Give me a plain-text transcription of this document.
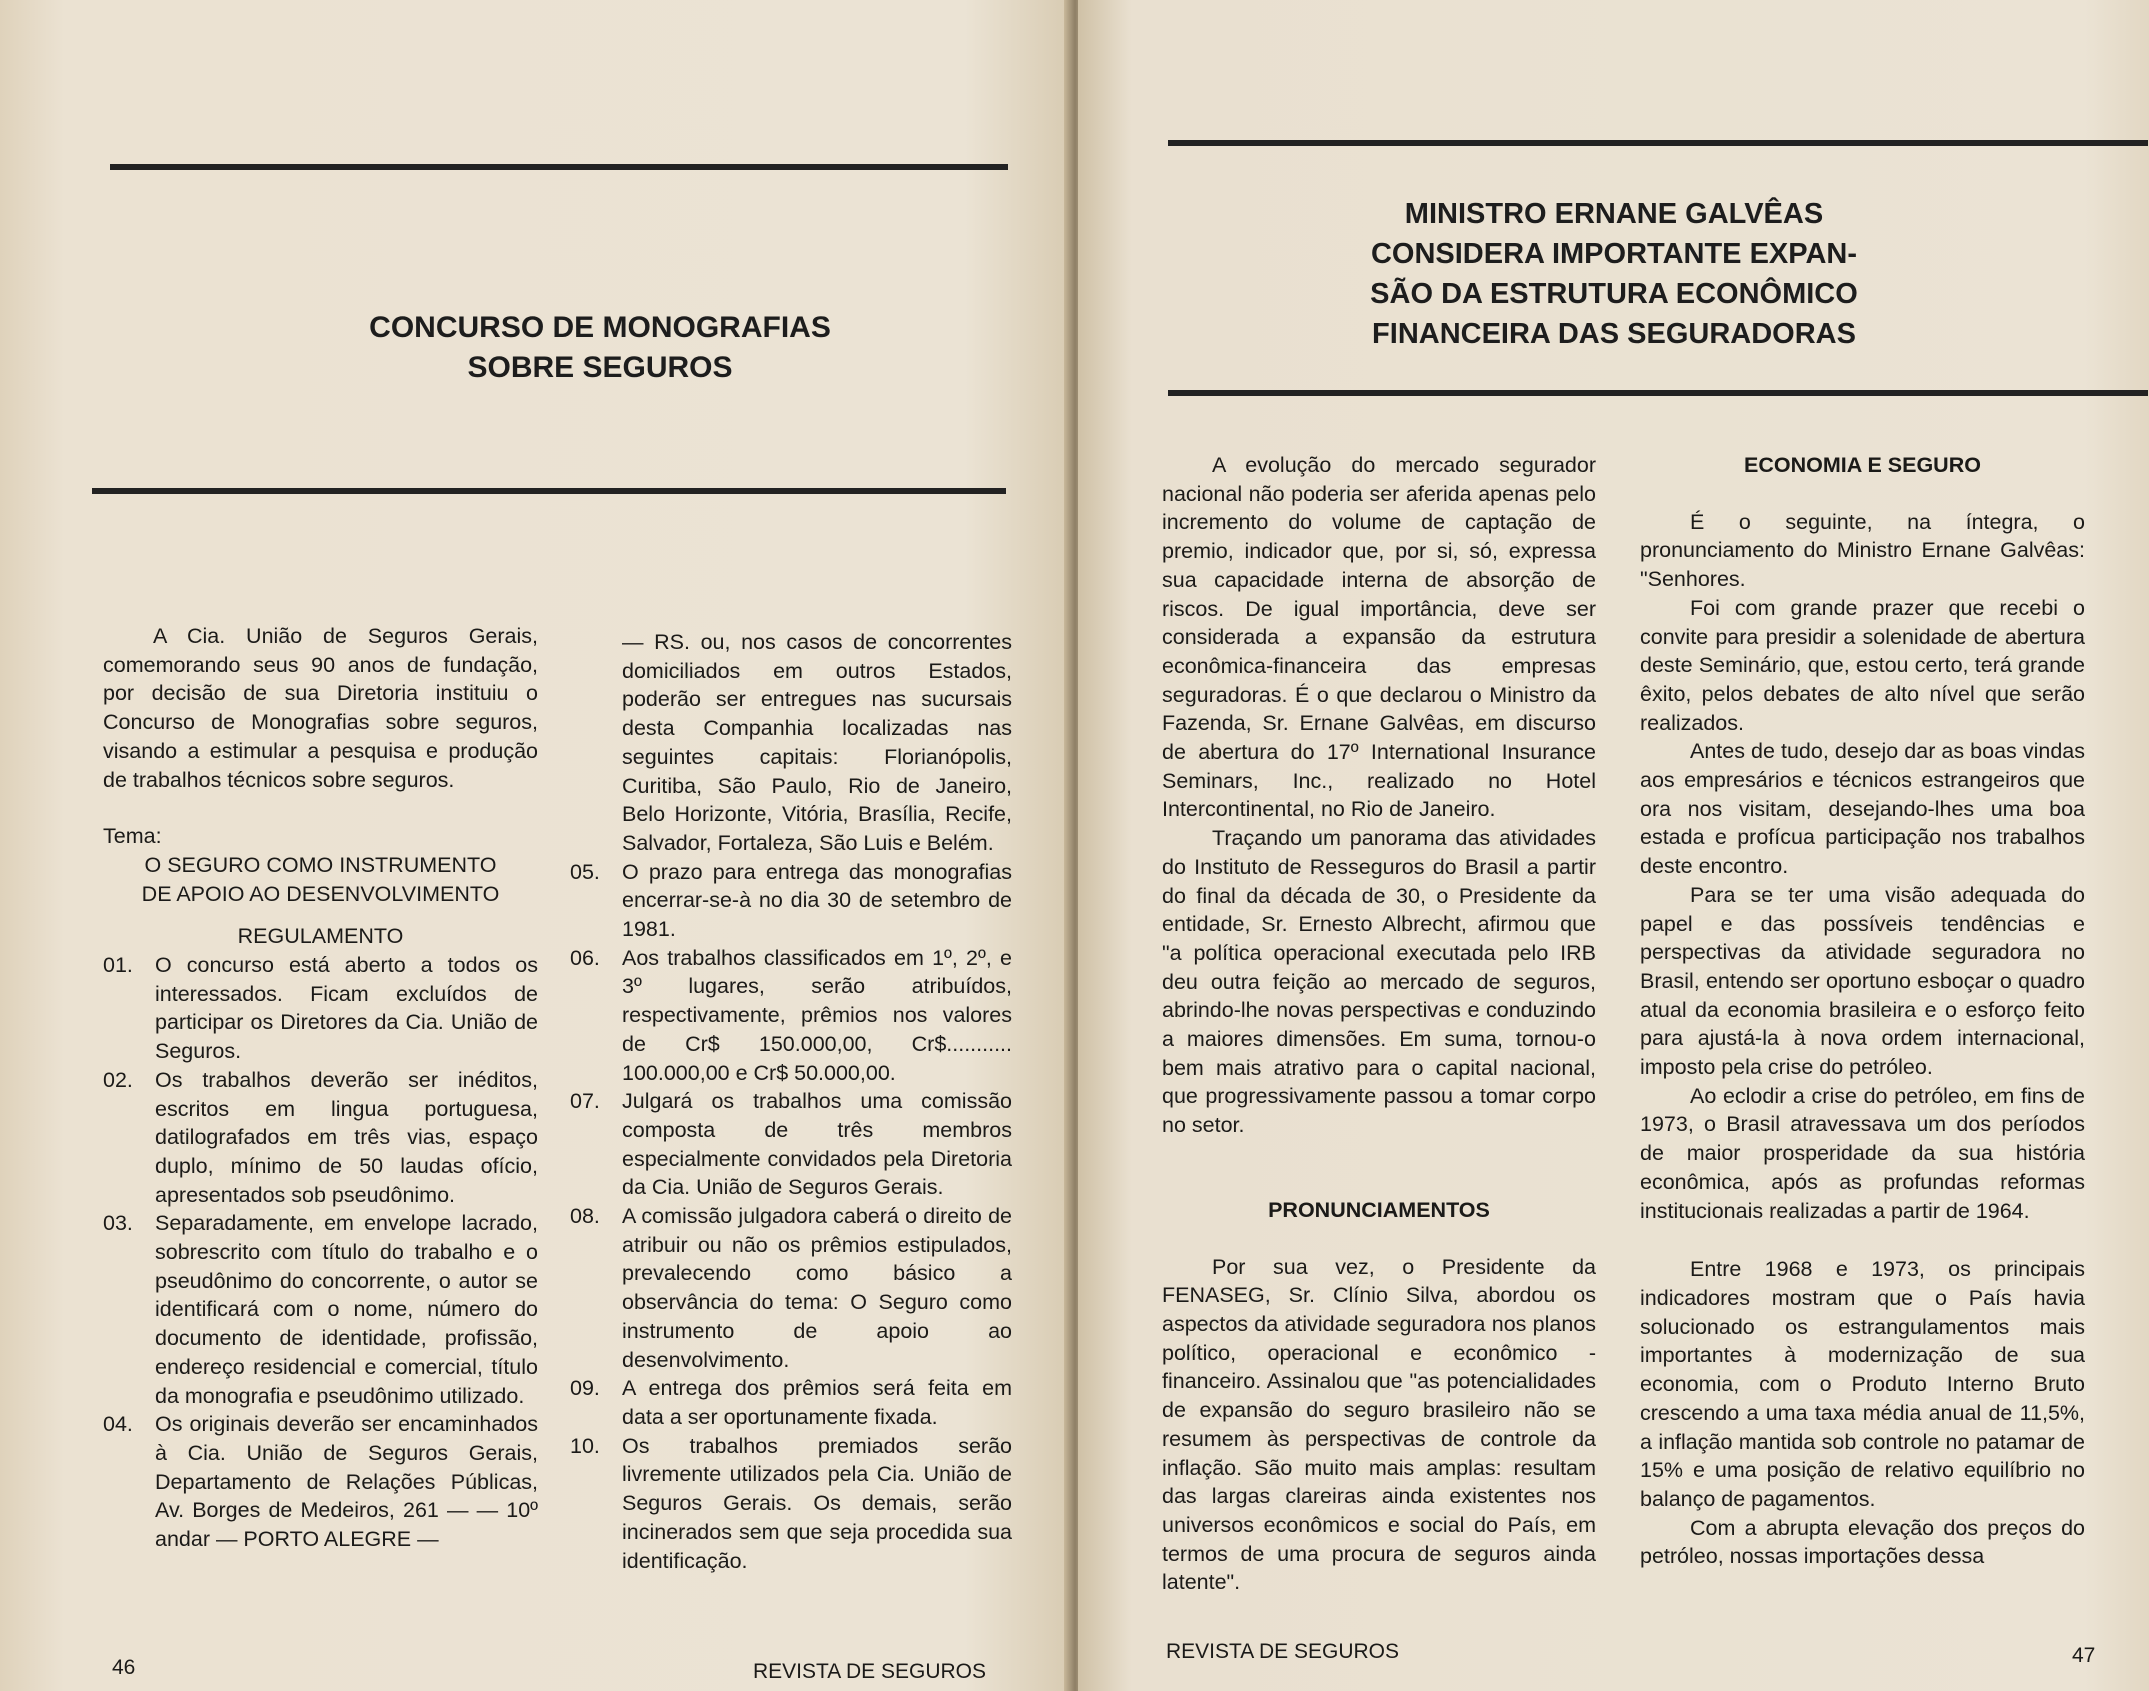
CONCURSO DE MONOGRAFIAS
SOBRE SEGUROS

A Cia. União de Seguros Gerais, comemorando seus 90 anos de fundação, por decisão de sua Diretoria instituiu o Concurso de Monografias sobre seguros, visando a estimular a pesquisa e produção de trabalhos técnicos sobre seguros.

Tema:

O SEGURO COMO INSTRUMENTO

DE APOIO AO DESENVOLVIMENTO

REGULAMENTO

01.	O concurso está aberto a todos os interessados. Ficam excluídos de participar os Diretores da Cia. União de Seguros.
02.	Os trabalhos deverão ser inéditos, escritos em lingua portuguesa, datilografados em três vias, espaço duplo, mínimo de 50 laudas ofício, apresentados sob pseudônimo.
03.	Separadamente, em envelope lacrado, sobrescrito com título do trabalho e o pseudônimo do concorrente, o autor se identificará com o nome, número do documento de identidade, profissão, endereço residencial e comercial, título da monografia e pseudônimo utilizado.
04.	Os originais deverão ser encaminhados à Cia. União de Seguros Gerais, Departamento de Relações Públicas, Av. Borges de Medeiros, 261 — — 10º andar — PORTO ALEGRE —

— RS. ou, nos casos de concorrentes domiciliados em outros Estados, poderão ser entregues nas sucursais desta Companhia localizadas nas seguintes capitais: Florianópolis, Curitiba, São Paulo, Rio de Janeiro, Belo Horizonte, Vitória, Brasília, Recife, Salvador, Fortaleza, São Luis e Belém.

05.	O prazo para entrega das monografias encerrar-se-à no dia 30 de setembro de 1981.
06.	Aos trabalhos classificados em 1º, 2º, e 3º lugares, serão atribuídos, respectivamente, prêmios nos valores de Cr$ 150.000,00, Cr$........... 100.000,00 e Cr$ 50.000,00.
07.	Julgará os trabalhos uma comissão composta de três membros especialmente convidados pela Diretoria da Cia. União de Seguros Gerais.
08.	A comissão julgadora caberá o direito de atribuir ou não os prêmios estipulados, prevalecendo como básico a observância do tema: O Seguro como instrumento de apoio ao desenvolvimento.
09.	A entrega dos prêmios será feita em data a ser oportunamente fixada.
10.	Os trabalhos premiados serão livremente utilizados pela Cia. União de Seguros Gerais. Os demais, serão incinerados sem que seja procedida sua identificação.
46	REVISTA DE SEGUROS
MINISTRO ERNANE GALVÊAS
CONSIDERA IMPORTANTE EXPAN-
SÃO DA ESTRUTURA ECONÔMICO
FINANCEIRA DAS SEGURADORAS

A evolução do mercado segurador nacional não poderia ser aferida apenas pelo incremento do volume de captação de premio, indicador que, por si, só, expressa sua capacidade interna de absorção de riscos. De igual importância, deve ser considerada a expansão da estrutura econômica-financeira das empresas seguradoras. É o que declarou o Ministro da Fazenda, Sr. Ernane Galvêas, em discurso de abertura do 17º International Insurance Seminars, Inc., realizado no Hotel Intercontinental, no Rio de Janeiro.

Traçando um panorama das atividades do Instituto de Resseguros do Brasil a partir do final da década de 30, o Presidente da entidade, Sr. Ernesto Albrecht, afirmou que "a política operacional executada pelo IRB deu outra feição ao mercado de seguros, abrindo-lhe novas perspectivas e conduzindo a maiores dimensões. Em suma, tornou-o bem mais atrativo para o capital nacional, que progressivamente passou a tomar corpo no setor.

PRONUNCIAMENTOS

Por sua vez, o Presidente da FENASEG, Sr. Clínio Silva, abordou os aspectos da atividade seguradora nos planos político, operacional e econômico - financeiro. Assinalou que "as potencialidades de expansão do seguro brasileiro não se resumem às perspectivas de controle da inflação. São muito mais amplas: resultam das largas clareiras ainda existentes nos universos econômicos e social do País, em termos de uma procura de seguros ainda latente".

ECONOMIA E SEGURO

É o seguinte, na íntegra, o pronunciamento do Ministro Ernane Galvêas: "Senhores.

Foi com grande prazer que recebi o convite para presidir a solenidade de abertura deste Seminário, que, estou certo, terá grande êxito, pelos debates de alto nível que serão realizados.

Antes de tudo, desejo dar as boas vindas aos empresários e técnicos estrangeiros que ora nos visitam, desejando-lhes uma boa estada e profícua participação nos trabalhos deste encontro.

Para se ter uma visão adequada do papel e das possíveis tendências e perspectivas da atividade seguradora no Brasil, entendo ser oportuno esboçar o quadro atual da economia brasileira e o esforço feito para ajustá-la à nova ordem internacional, imposto pela crise do petróleo.

Ao eclodir a crise do petróleo, em fins de 1973, o Brasil atravessava um dos períodos de maior prosperidade da sua história econômica, após as profundas reformas institucionais realizadas a partir de 1964.

Entre 1968 e 1973, os principais indicadores mostram que o País havia solucionado os estrangulamentos mais importantes à modernização de sua economia, com o Produto Interno Bruto crescendo a uma taxa média anual de 11,5%, a inflação mantida sob controle no patamar de 15% e uma posição de relativo equilíbrio no balanço de pagamentos.

Com a abrupta elevação dos preços do petróleo, nossas importações dessa

REVISTA DE SEGUROS	47
